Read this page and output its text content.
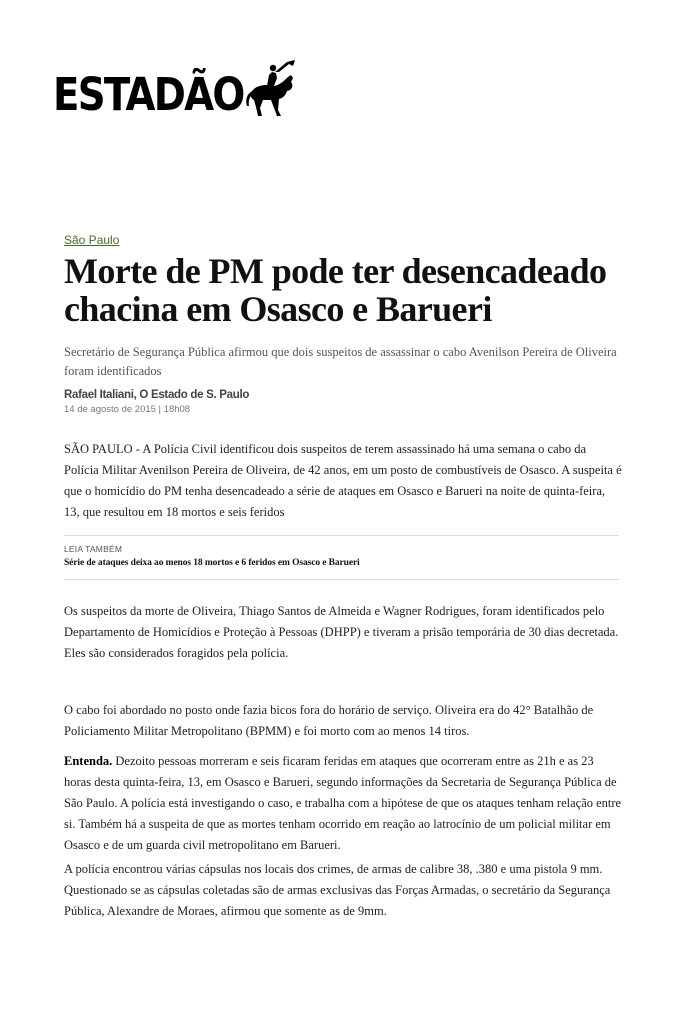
ESTADÃO
São Paulo
Morte de PM pode ter desencadeado chacina em Osasco e Barueri

Secretário de Segurança Pública afirmou que dois suspeitos de assassinar o cabo Avenilson Pereira de Oliveira foram identificados

Rafael Italiani, O Estado de S. Paulo

14 de agosto de 2015 | 18h08

SÃO PAULO - A Polícia Civil identificou dois suspeitos de terem assassinado há uma semana o cabo da Polícia Militar Avenilson Pereira de Oliveira, de 42 anos, em um posto de combustíveis de Osasco. A suspeita é que o homicídio do PM tenha desencadeado a série de ataques em Osasco e Barueri na noite de quinta-feira, 13, que resultou em 18 mortos e seis feridos

LEIA TAMBÉM
Série de ataques deixa ao menos 18 mortos e 6 feridos em Osasco e Barueri

Os suspeitos da morte de Oliveira, Thiago Santos de Almeida e Wagner Rodrigues, foram identificados pelo Departamento de Homicídios e Proteção à Pessoas (DHPP) e tiveram a prisão temporária de 30 dias decretada. Eles são considerados foragidos pela polícia.

O cabo foi abordado no posto onde fazia bicos fora do horário de serviço. Oliveira era do 42° Batalhão de Policiamento Militar Metropolitano (BPMM) e foi morto com ao menos 14 tiros.

Entenda. Dezoito pessoas morreram e seis ficaram feridas em ataques que ocorreram entre as 21h e as 23 horas desta quinta-feira, 13, em Osasco e Barueri, segundo informações da Secretaria de Segurança Pública de São Paulo. A polícia está investigando o caso, e trabalha com a hipótese de que os ataques tenham relação entre si. Também há a suspeita de que as mortes tenham ocorrido em reação ao latrocínio de um policial militar em Osasco e de um guarda civil metropolitano em Barueri.

A polícia encontrou várias cápsulas nos locais dos crimes, de armas de calibre 38, .380 e uma pistola 9 mm. Questionado se as cápsulas coletadas são de armas exclusivas das Forças Armadas, o secretário da Segurança Pública, Alexandre de Moraes, afirmou que somente as de 9mm.
